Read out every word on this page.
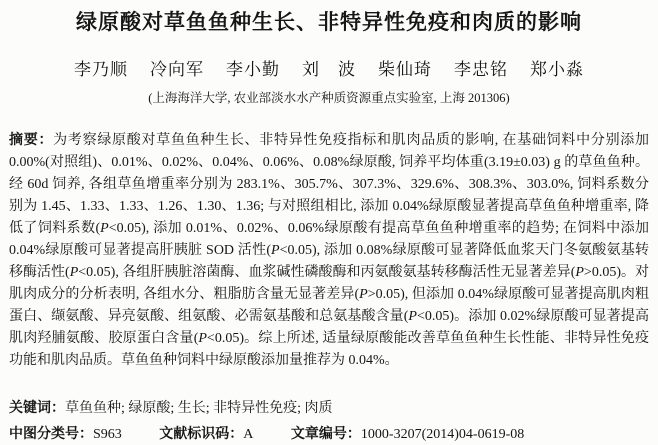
绿原酸对草鱼鱼种生长、非特异性免疫和肉质的影响
李乃顺 冷向军 李小勤 刘　波 柴仙琦 李忠铭 郑小淼
(上海海洋大学, 农业部淡水水产种质资源重点实验室, 上海 201306)

摘要：为考察绿原酸对草鱼鱼种生长、非特异性免疫指标和肌肉品质的影响, 在基础饲料中分别添加 0.00%(对照组)、0.01%、0.02%、0.04%、0.06%、0.08%绿原酸, 饲养平均体重(3.19±0.03) g 的草鱼鱼种。经 60d 饲养, 各组草鱼增重率分别为 283.1%、305.7%、307.3%、329.6%、308.3%、303.0%, 饲料系数分别为 1.45、1.33、1.33、1.26、1.30、1.36; 与对照组相比, 添加 0.04%绿原酸显著提高草鱼鱼种增重率, 降低了饲料系数(P<0.05), 添加 0.01%、0.02%、0.06%绿原酸有提高草鱼鱼种增重率的趋势; 在饲料中添加 0.04%绿原酸可显著提高肝胰脏 SOD 活性(P<0.05), 添加 0.08%绿原酸可显著降低血浆天门冬氨酸氨基转移酶活性(P<0.05), 各组肝胰脏溶菌酶、血浆碱性磷酸酶和丙氨酸氨基转移酶活性无显著差异(P>0.05)。对肌肉成分的分析表明, 各组水分、粗脂肪含量无显著差异(P>0.05), 但添加 0.04%绿原酸可显著提高肌肉粗蛋白、缬氨酸、异亮氨酸、组氨酸、必需氨基酸和总氨基酸含量(P<0.05)。添加 0.02%绿原酸可显著提高肌肉羟脯氨酸、胶原蛋白含量(P<0.05)。综上所述, 适量绿原酸能改善草鱼鱼种生长性能、非特异性免疫功能和肌肉品质。草鱼鱼种饲料中绿原酸添加量推荐为 0.04%。

关键词：草鱼鱼种; 绿原酸; 生长; 非特异性免疫; 肉质
中图分类号：S963	文献标识码：A	文章编号：1000-3207(2014)04-0619-08
